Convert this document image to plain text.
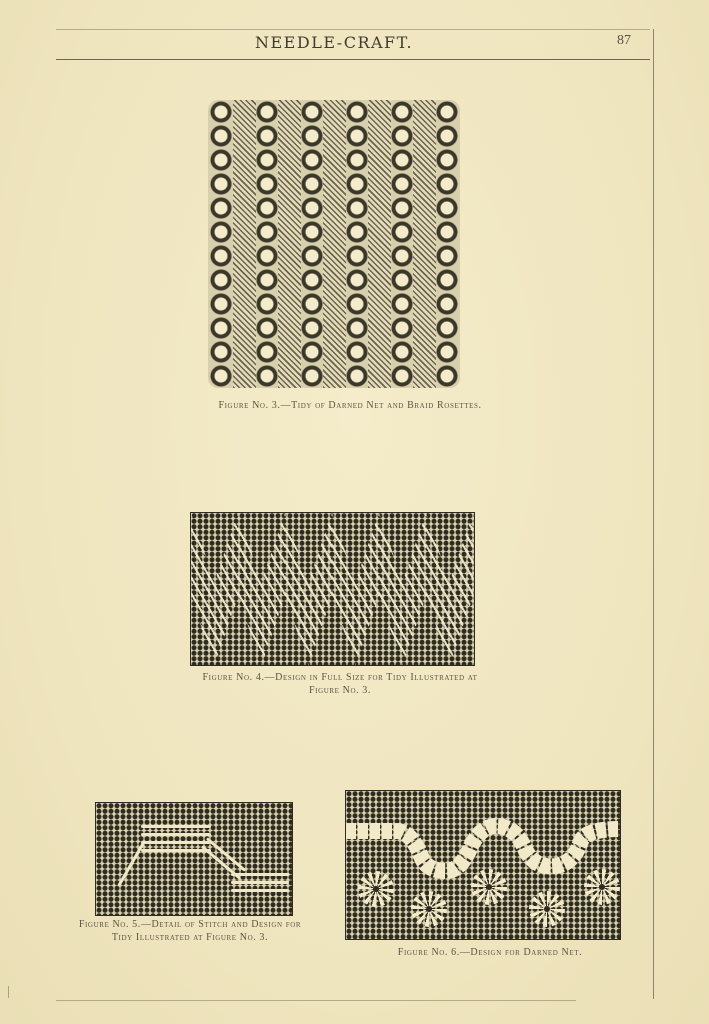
NEEDLE-CRAFT.	87
Figure No. 3.—Tidy of Darned Net and Braid Rosettes.
Figure No. 4.—Design in Full Size for Tidy Illustrated at
Figure No. 3.
Figure No. 5.—Detail of Stitch and Design for
Tidy Illustrated at Figure No. 3.
Figure No. 6.—Design for Darned Net.
